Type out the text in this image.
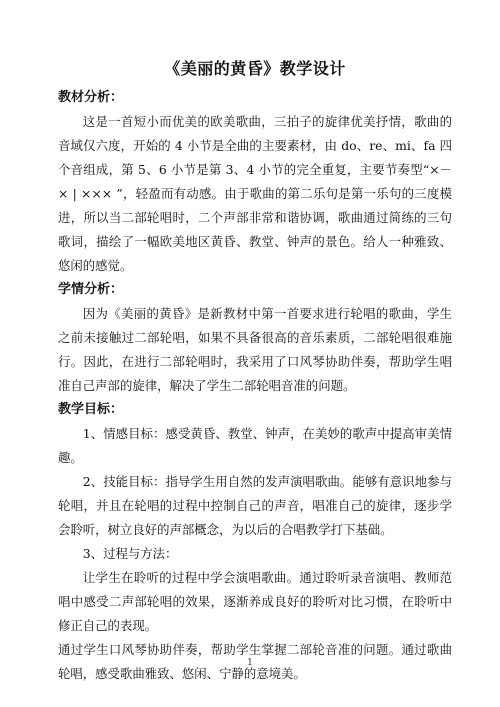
《美丽的黄昏》教学设计
教材分析：

这是一首短小而优美的欧美歌曲，三拍子的旋律优美抒情，歌曲的音域仅六度，开始的 4 小节是全曲的主要素材，由 do、re、mi、fa 四个音组成，第 5、6 小节是第 3、4 小节的完全重复，主要节奏型“×－× | ××× ”，轻盈而有动感。由于歌曲的第二乐句是第一乐句的三度模进，所以当二部轮唱时，二个声部非常和谐协调，歌曲通过简练的三句歌词，描绘了一幅欧美地区黄昏、教堂、钟声的景色。给人一种雅致、悠闲的感觉。

学情分析：

因为《美丽的黄昏》是新教材中第一首要求进行轮唱的歌曲，学生之前未接触过二部轮唱，如果不具备很高的音乐素质，二部轮唱很难施行。因此，在进行二部轮唱时，我采用了口风琴协助伴奏，帮助学生唱准自己声部的旋律，解决了学生二部轮唱音准的问题。

教学目标：

1、情感目标：感受黄昏、教堂、钟声，在美妙的歌声中提高审美情趣。

2、技能目标：指导学生用自然的发声演唱歌曲。能够有意识地参与轮唱，并且在轮唱的过程中控制自己的声音，唱准自己的旋律，逐步学会聆听，树立良好的声部概念，为以后的合唱教学打下基础。

3、过程与方法：

让学生在聆听的过程中学会演唱歌曲。通过聆听录音演唱、教师范唱中感受二声部轮唱的效果，逐渐养成良好的聆听对比习惯，在聆听中修正自己的表现。

通过学生口风琴协助伴奏，帮助学生掌握二部轮音准的问题。通过歌曲轮唱，感受歌曲雅致、悠闲、宁静的意境美。

1
